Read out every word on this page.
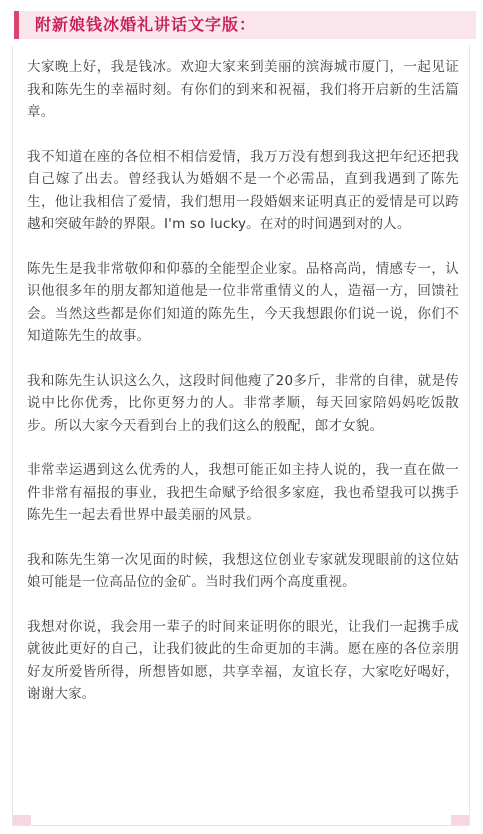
附新娘钱冰婚礼讲话文字版：

大家晚上好，我是钱冰。欢迎大家来到美丽的滨海城市厦门，一起见证我和陈先生的幸福时刻。有你们的到来和祝福，我们将开启新的生活篇章。

我不知道在座的各位相不相信爱情，我万万没有想到我这把年纪还把我自己嫁了出去。曾经我认为婚姻不是一个必需品，直到我遇到了陈先生，他让我相信了爱情，我们想用一段婚姻来证明真正的爱情是可以跨越和突破年龄的界限。I'm so lucky。在对的时间遇到对的人。

陈先生是我非常敬仰和仰慕的全能型企业家。品格高尚，情感专一，认识他很多年的朋友都知道他是一位非常重情义的人，造福一方，回馈社会。当然这些都是你们知道的陈先生，今天我想跟你们说一说，你们不知道陈先生的故事。

我和陈先生认识这么久，这段时间他瘦了20多斤，非常的自律，就是传说中比你优秀，比你更努力的人。非常孝顺，每天回家陪妈妈吃饭散步。所以大家今天看到台上的我们这么的般配，郎才女貌。

非常幸运遇到这么优秀的人，我想可能正如主持人说的，我一直在做一件非常有福报的事业，我把生命赋予给很多家庭，我也希望我可以携手陈先生一起去看世界中最美丽的风景。

我和陈先生第一次见面的时候，我想这位创业专家就发现眼前的这位姑娘可能是一位高品位的金矿。当时我们两个高度重视。

我想对你说，我会用一辈子的时间来证明你的眼光，让我们一起携手成就彼此更好的自己，让我们彼此的生命更加的丰满。愿在座的各位亲朋好友所爱皆所得，所想皆如愿，共享幸福，友谊长存，大家吃好喝好，谢谢大家。
